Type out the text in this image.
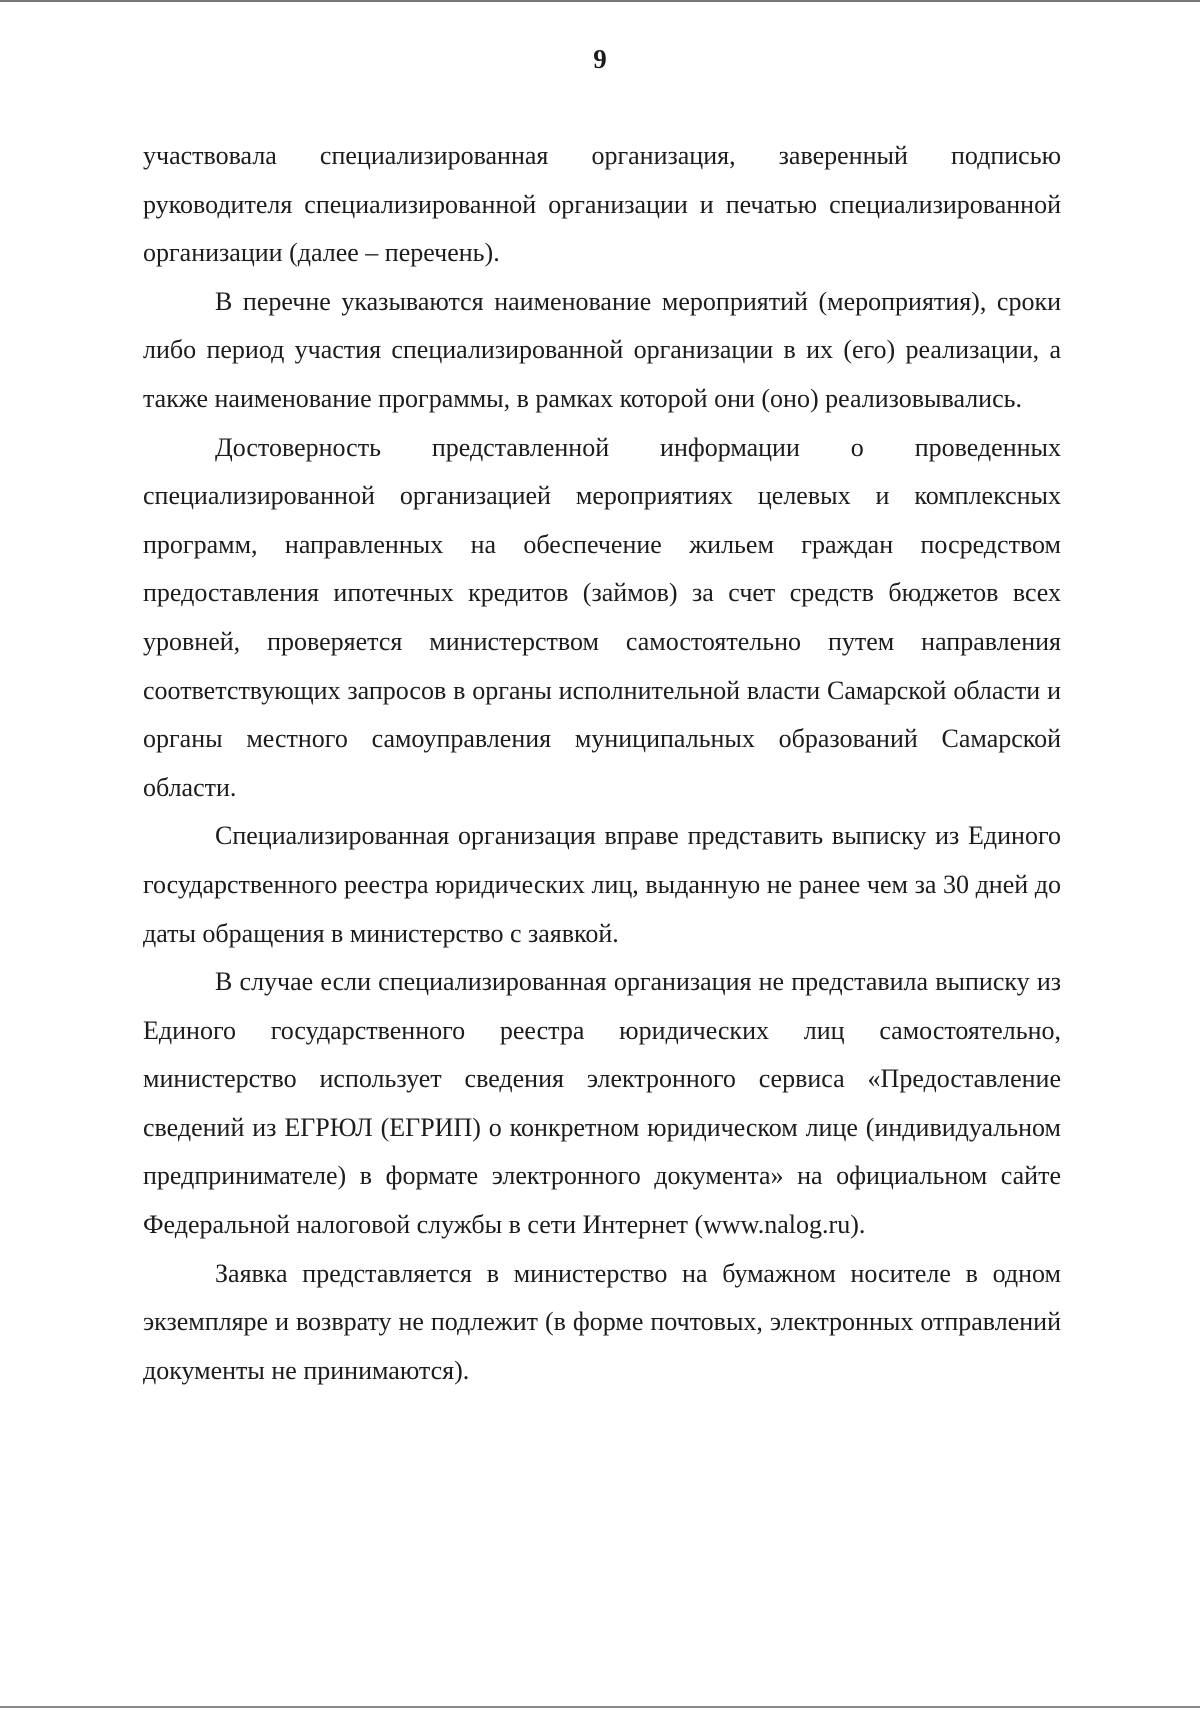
9

участвовала специализированная организация, заверенный подписью руководителя специализированной организации и печатью специализированной организации (далее – перечень).

В перечне указываются наименование мероприятий (мероприятия), сроки либо период участия специализированной организации в их (его) реализации, а также наименование программы, в рамках которой они (оно) реализовывались.

Достоверность представленной информации о проведенных специализированной организацией мероприятиях целевых и комплексных программ, направленных на обеспечение жильем граждан посредством предоставления ипотечных кредитов (займов) за счет средств бюджетов всех уровней, проверяется министерством самостоятельно путем направления соответствующих запросов в органы исполнительной власти Самарской области и органы местного самоуправления муниципальных образований Самарской области.

Специализированная организация вправе представить выписку из Единого государственного реестра юридических лиц, выданную не ранее чем за 30 дней до даты обращения в министерство с заявкой.

В случае если специализированная организация не представила выписку из Единого государственного реестра юридических лиц самостоятельно, министерство использует сведения электронного сервиса «Предоставление сведений из ЕГРЮЛ (ЕГРИП) о конкретном юридическом лице (индивидуальном предпринимателе) в формате электронного документа» на официальном сайте Федеральной налоговой службы в сети Интернет (www.nalog.ru).

Заявка представляется в министерство на бумажном носителе в одном экземпляре и возврату не подлежит (в форме почтовых, электронных отправлений документы не принимаются).
